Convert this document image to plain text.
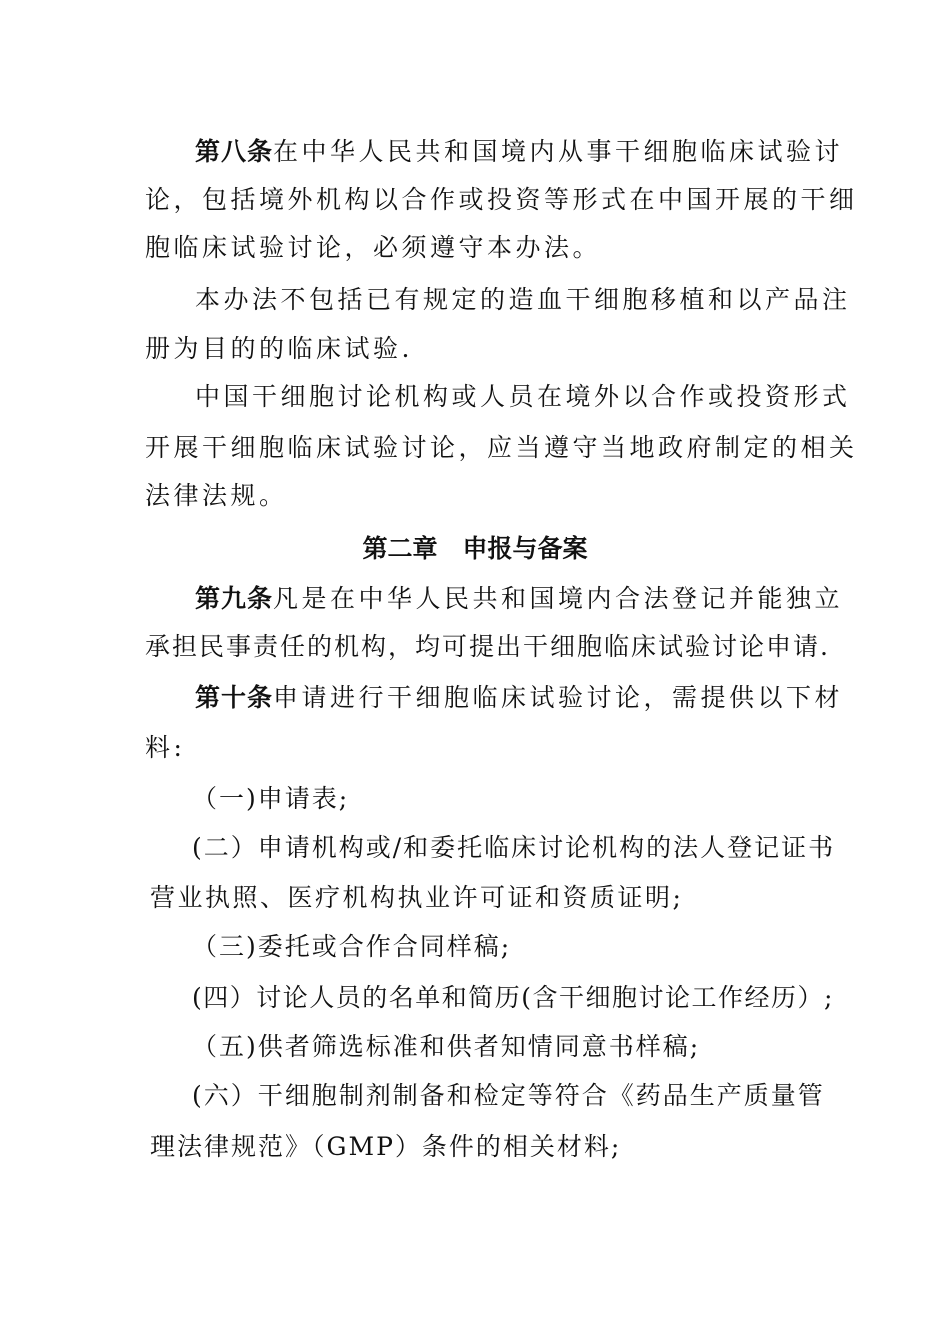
第八条在中华人民共和国境内从事干细胞临床试验讨
论，包括境外机构以合作或投资等形式在中国开展的干细
胞临床试验讨论，必须遵守本办法。
本办法不包括已有规定的造血干细胞移植和以产品注
册为目的的临床试验.
中国干细胞讨论机构或人员在境外以合作或投资形式
开展干细胞临床试验讨论，应当遵守当地政府制定的相关
法律法规。
第二章　申报与备案
第九条凡是在中华人民共和国境内合法登记并能独立
承担民事责任的机构，均可提出干细胞临床试验讨论申请.
第十条申请进行干细胞临床试验讨论，需提供以下材
料:
（一)申请表;
(二）申请机构或/和委托临床讨论机构的法人登记证书
营业执照、医疗机构执业许可证和资质证明;
（三)委托或合作合同样稿;
(四）讨论人员的名单和简历(含干细胞讨论工作经历）;
（五)供者筛选标准和供者知情同意书样稿;
(六）干细胞制剂制备和检定等符合《药品生产质量管
理法律规范》（GMP）条件的相关材料;
